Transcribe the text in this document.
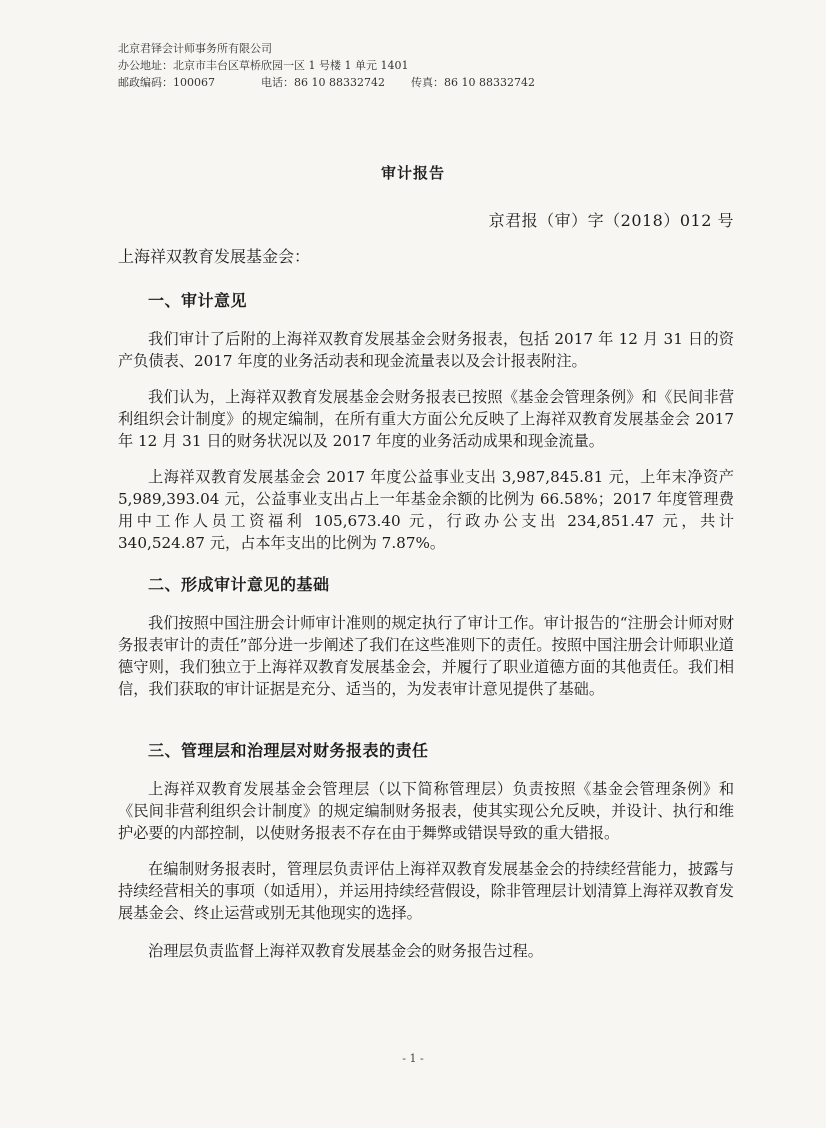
北京君铎会计师事务所有限公司
办公地址：北京市丰台区草桥欣园一区 1 号楼 1 单元 1401
邮政编码：100067	电话：86 10 88332742 传真：86 10 88332742
审计报告
京君报（审）字（2018）012 号
上海祥双教育发展基金会：
一、审计意见
我们审计了后附的上海祥双教育发展基金会财务报表，包括 2017 年 12 月 31 日的资产负债表、2017 年度的业务活动表和现金流量表以及会计报表附注。
我们认为，上海祥双教育发展基金会财务报表已按照《基金会管理条例》和《民间非营利组织会计制度》的规定编制，在所有重大方面公允反映了上海祥双教育发展基金会 2017 年 12 月 31 日的财务状况以及 2017 年度的业务活动成果和现金流量。
上海祥双教育发展基金会 2017 年度公益事业支出 3,987,845.81 元，上年末净资产 5,989,393.04 元，公益事业支出占上一年基金余额的比例为 66.58%；2017 年度管理费用中工作人员工资福利 105,673.40 元，行政办公支出 234,851.47 元，共计 340,524.87 元，占本年支出的比例为 7.87%。
二、形成审计意见的基础
我们按照中国注册会计师审计准则的规定执行了审计工作。审计报告的“注册会计师对财务报表审计的责任”部分进一步阐述了我们在这些准则下的责任。按照中国注册会计师职业道德守则，我们独立于上海祥双教育发展基金会，并履行了职业道德方面的其他责任。我们相信，我们获取的审计证据是充分、适当的，为发表审计意见提供了基础。
三、管理层和治理层对财务报表的责任
上海祥双教育发展基金会管理层（以下简称管理层）负责按照《基金会管理条例》和《民间非营利组织会计制度》的规定编制财务报表，使其实现公允反映，并设计、执行和维护必要的内部控制，以使财务报表不存在由于舞弊或错误导致的重大错报。
在编制财务报表时，管理层负责评估上海祥双教育发展基金会的持续经营能力，披露与持续经营相关的事项（如适用），并运用持续经营假设，除非管理层计划清算上海祥双教育发展基金会、终止运营或别无其他现实的选择。
治理层负责监督上海祥双教育发展基金会的财务报告过程。
- 1 -
